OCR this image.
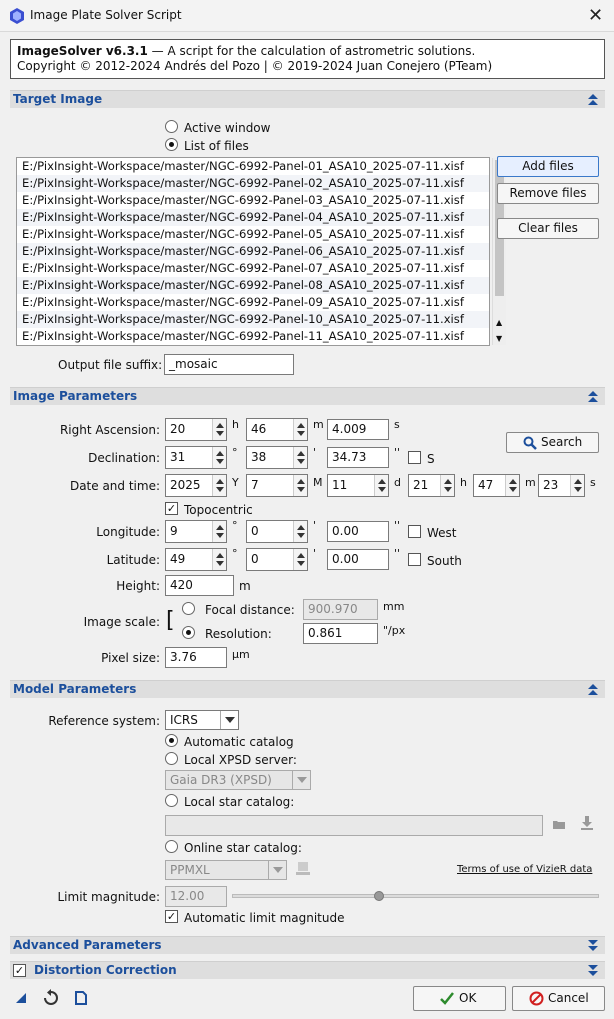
Image Plate Solver Script	✕
ImageSolver v6.3.1 — A script for the calculation of astrometric solutions.
Copyright © 2012-2024 Andrés del Pozo | © 2019-2024 Juan Conejero (PTeam)
Target Image
Active window
List of files
E:/PixInsight-Workspace/master/NGC-6992-Panel-01_ASA10_2025-07-11.xisf
E:/PixInsight-Workspace/master/NGC-6992-Panel-02_ASA10_2025-07-11.xisf
E:/PixInsight-Workspace/master/NGC-6992-Panel-03_ASA10_2025-07-11.xisf
E:/PixInsight-Workspace/master/NGC-6992-Panel-04_ASA10_2025-07-11.xisf
E:/PixInsight-Workspace/master/NGC-6992-Panel-05_ASA10_2025-07-11.xisf
E:/PixInsight-Workspace/master/NGC-6992-Panel-06_ASA10_2025-07-11.xisf
E:/PixInsight-Workspace/master/NGC-6992-Panel-07_ASA10_2025-07-11.xisf
E:/PixInsight-Workspace/master/NGC-6992-Panel-08_ASA10_2025-07-11.xisf
E:/PixInsight-Workspace/master/NGC-6992-Panel-09_ASA10_2025-07-11.xisf
E:/PixInsight-Workspace/master/NGC-6992-Panel-10_ASA10_2025-07-11.xisf
E:/PixInsight-Workspace/master/NGC-6992-Panel-11_ASA10_2025-07-11.xisf
▲
▼
Add files
Remove files
Clear files
Output file suffix: _mosaic
Image Parameters
Right Ascension: 20	h	46	m 4.009	s
Search
Declination: 31	°	38	'	34.73	'' S
Date and time: 2025	Y	7	M 11	d	21	h 47	m 23	s
✓ Topocentric
Longitude: 9	°	0	'	0.00	''
West
Latitude: 49	°	0	'	0.00	''
South
Height: 420	m
Image scale: [	Focal distance:	900.970	mm
Resolution:	0.861	"/px
Pixel size: 3.76	μm
Model Parameters
Reference system: ICRS
Automatic catalog
Local XPSD server:
Gaia DR3 (XPSD)
Local star catalog:
Online star catalog:
PPMXL	Terms of use of VizieR data
Limit magnitude: 12.00
✓ Automatic limit magnitude
Advanced Parameters
✓ Distortion Correction
OK	Cancel
